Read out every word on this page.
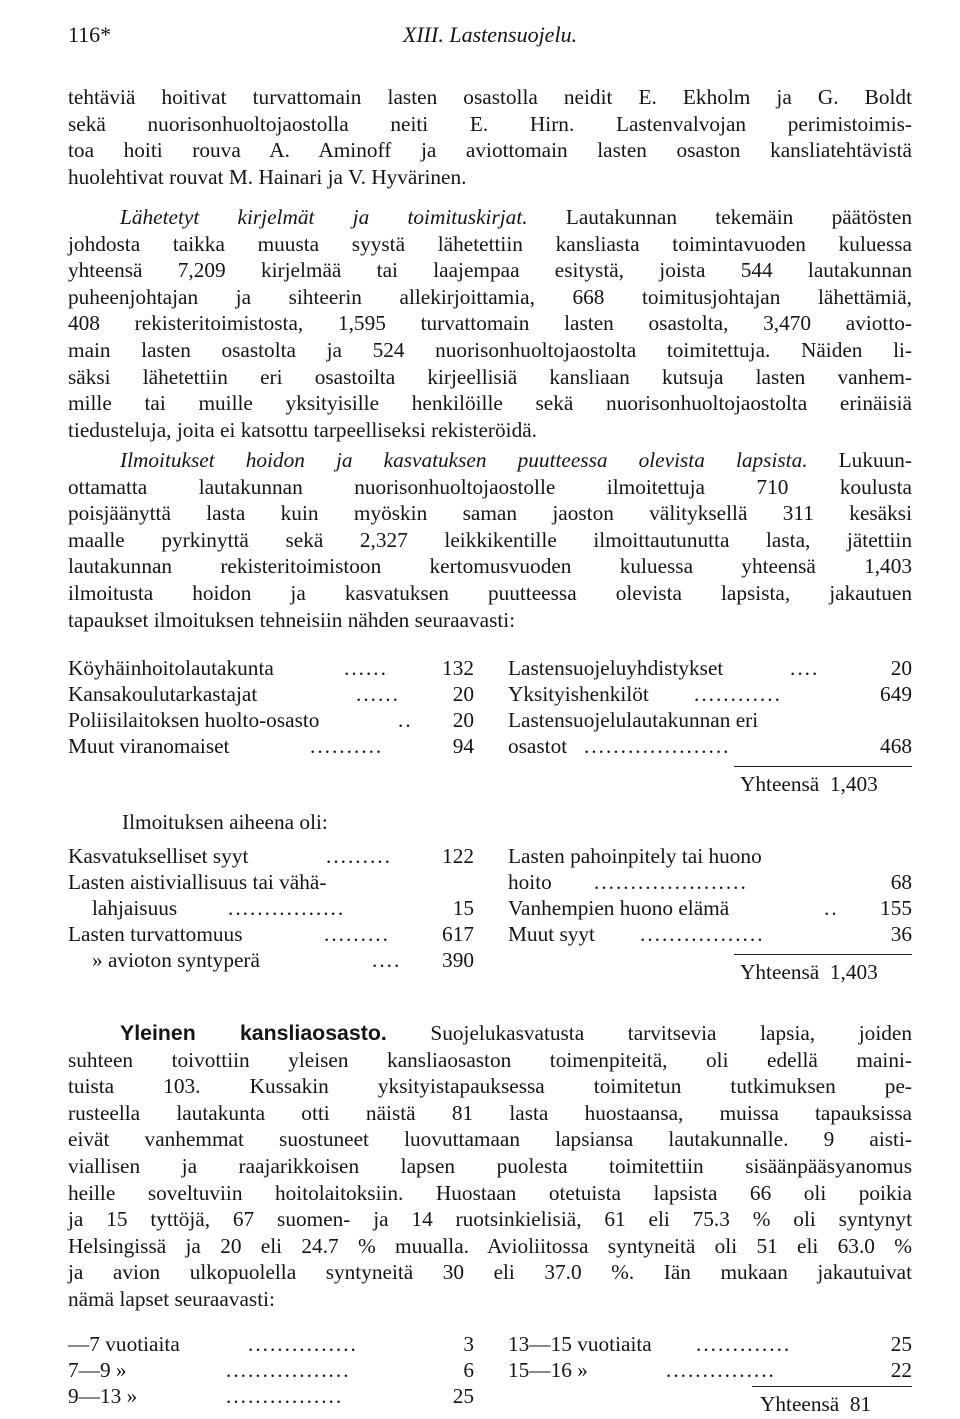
116*	XIII. Lastensuojelu.
tehtäviä hoitivat turvattomain lasten osastolla neidit E. Ekholm ja G. Boldt
sekä nuorisonhuoltojaostolla neiti E. Hirn. Lastenvalvojan perimistoimis-
toa hoiti rouva A. Aminoff ja aviottomain lasten osaston kansliatehtävistä
huolehtivat rouvat M. Hainari ja V. Hyvärinen.
Lähetetyt kirjelmät ja toimituskirjat. Lautakunnan tekemäin päätösten
johdosta taikka muusta syystä lähetettiin kansliasta toimintavuoden kuluessa
yhteensä 7,209 kirjelmää tai laajempaa esitystä, joista 544 lautakunnan
puheenjohtajan ja sihteerin allekirjoittamia, 668 toimitusjohtajan lähettämiä,
408 rekisteritoimistosta, 1,595 turvattomain lasten osastolta, 3,470 aviotto-
main lasten osastolta ja 524 nuorisonhuoltojaostolta toimitettuja. Näiden li-
säksi lähetettiin eri osastoilta kirjeellisiä kansliaan kutsuja lasten vanhem-
mille tai muille yksityisille henkilöille sekä nuorisonhuoltojaostolta erinäisiä
tiedusteluja, joita ei katsottu tarpeelliseksi rekisteröidä.
Ilmoitukset hoidon ja kasvatuksen puutteessa olevista lapsista. Lukuun-
ottamatta lautakunnan nuorisonhuoltojaostolle ilmoitettuja 710 koulusta
poisjäänyttä lasta kuin myöskin saman jaoston välityksellä 311 kesäksi
maalle pyrkinyttä sekä 2,327 leikkikentille ilmoittautunutta lasta, jätettiin
lautakunnan rekisteritoimistoon kertomusvuoden kuluessa yhteensä 1,403
ilmoitusta hoidon ja kasvatuksen puutteessa olevista lapsista, jakautuen
tapaukset ilmoituksen tehneisiin nähden seuraavasti:
Köyhäinhoitolautakunta	......	132
Kansakoulutarkastajat	......	20
Poliisilaitoksen huolto-osasto	..	20
Muut viranomaiset	..........	94
Lastensuojeluyhdistykset	....	20
Yksityishenkilöt ............	649
Lastensuojelulautakunnan eri
osastot ....................	468
Yhteensä 1,403
Ilmoituksen aiheena oli:
Kasvatukselliset syyt	.........	122
Lasten aistiviallisuus tai vähä-
lahjaisuus ................	15
Lasten turvattomuus	.........	617
» avioton syntyperä	....	390
Lasten pahoinpitely tai huono
hoito .....................	68
Vanhempien huono elämä	..	155
Muut syyt .................	36
Yhteensä 1,403
Yleinen kansliaosasto. Suojelukasvatusta tarvitsevia lapsia, joiden
suhteen toivottiin yleisen kansliaosaston toimenpiteitä, oli edellä maini-
tuista 103. Kussakin yksityistapauksessa toimitetun tutkimuksen pe-
rusteella lautakunta otti näistä 81 lasta huostaansa, muissa tapauksissa
eivät vanhemmat suostuneet luovuttamaan lapsiansa lautakunnalle. 9 aisti-
viallisen ja raajarikkoisen lapsen puolesta toimitettiin sisäänpääsyanomus
heille soveltuviin hoitolaitoksiin. Huostaan otetuista lapsista 66 oli poikia
ja 15 tyttöjä, 67 suomen- ja 14 ruotsinkielisiä, 61 eli 75.3 % oli syntynyt
Helsingissä ja 20 eli 24.7 % muualla. Avioliitossa syntyneitä oli 51 eli 63.0 %
ja avion ulkopuolella syntyneitä 30 eli 37.0 %. Iän mukaan jakautuivat
nämä lapset seuraavasti:
—7 vuotiaita	...............	3
7—9 »	.................	6
9—13 »	................	25
13—15 vuotiaita .............	25
15—16 »	...............	22
Yhteensä 81
